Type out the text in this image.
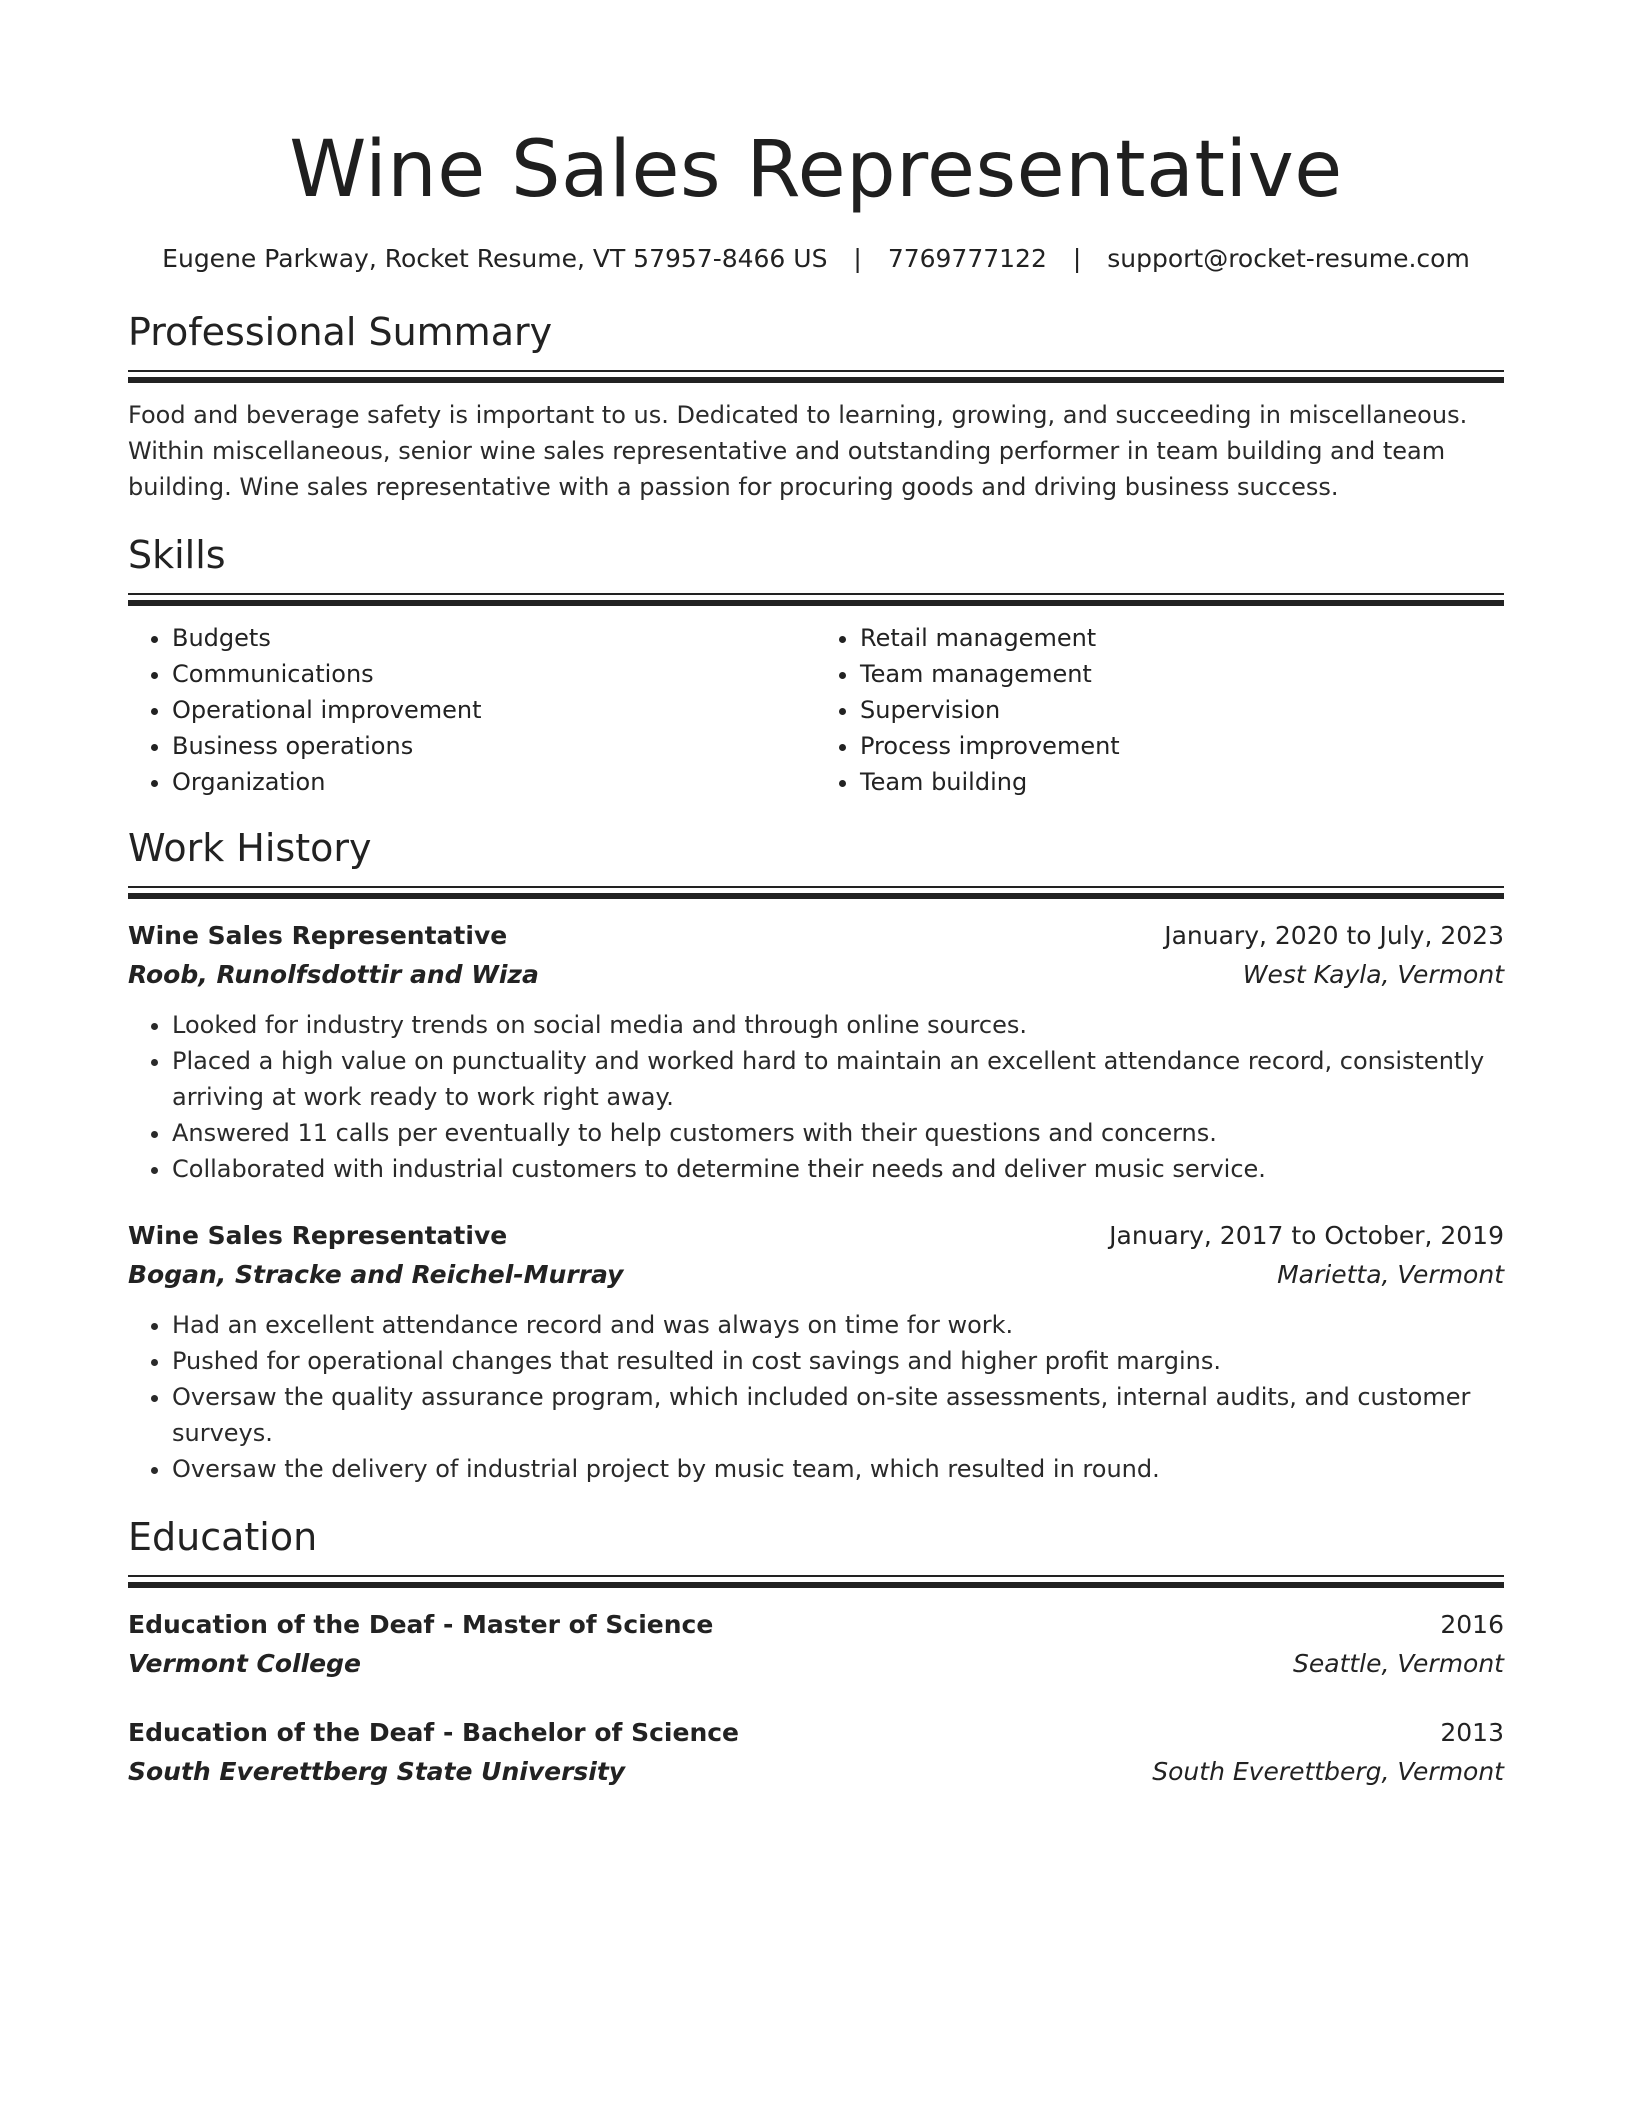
Wine Sales Representative
Eugene Parkway, Rocket Resume, VT 57957-8466 US | 7769777122 | support@rocket-resume.com
Professional Summary
Food and beverage safety is important to us. Dedicated to learning, growing, and succeeding in miscellaneous. Within miscellaneous, senior wine sales representative and outstanding performer in team building and team building. Wine sales representative with a passion for procuring goods and driving business success.
Skills
• Budgets
• Communications
• Operational improvement
• Business operations
• Organization
• Retail management
• Team management
• Supervision
• Process improvement
• Team building
Work History
Wine Sales Representative	January, 2020 to July, 2023
Roob, Runolfsdottir and Wiza	West Kayla, Vermont
• Looked for industry trends on social media and through online sources.
• Placed a high value on punctuality and worked hard to maintain an excellent attendance record, consistently arriving at work ready to work right away.
• Answered 11 calls per eventually to help customers with their questions and concerns.
• Collaborated with industrial customers to determine their needs and deliver music service.
Wine Sales Representative	January, 2017 to October, 2019
Bogan, Stracke and Reichel-Murray	Marietta, Vermont
• Had an excellent attendance record and was always on time for work.
• Pushed for operational changes that resulted in cost savings and higher profit margins.
• Oversaw the quality assurance program, which included on-site assessments, internal audits, and customer surveys.
• Oversaw the delivery of industrial project by music team, which resulted in round.
Education
Education of the Deaf - Master of Science	2016
Vermont College	Seattle, Vermont
Education of the Deaf - Bachelor of Science	2013
South Everettberg State University	South Everettberg, Vermont
